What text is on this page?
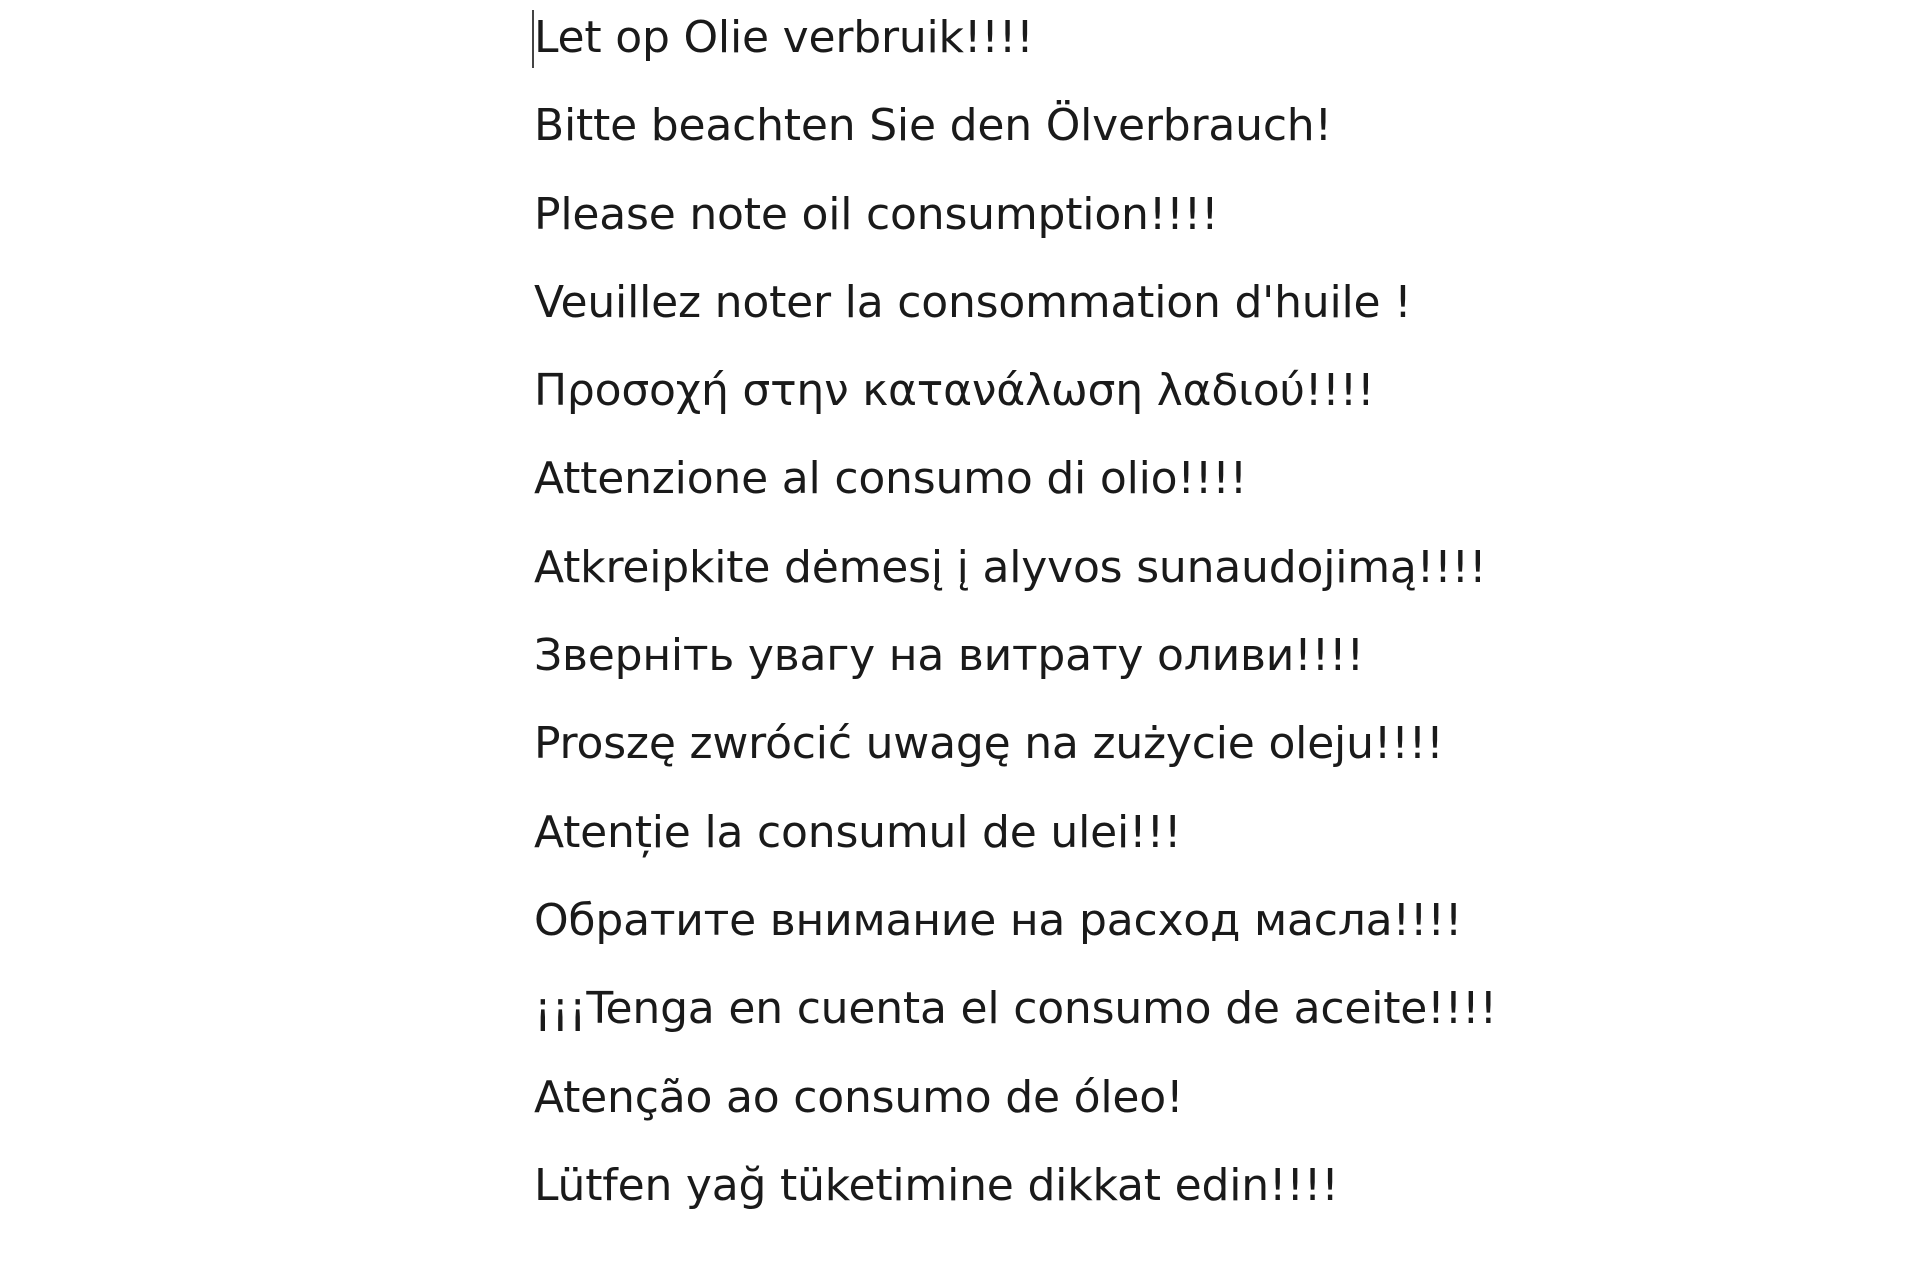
Let op Olie verbruik!!!!
Bitte beachten Sie den Ölverbrauch!
Please note oil consumption!!!!
Veuillez noter la consommation d'huile !
Προσοχή στην κατανάλωση λαδιού!!!!
Attenzione al consumo di olio!!!!
Atkreipkite dėmesį į alyvos sunaudojimą!!!!
Зверніть увагу на витрату оливи!!!!
Proszę zwrócić uwagę na zużycie oleju!!!!
Atenție la consumul de ulei!!!
Обратите внимание на расход масла!!!!
¡¡¡Tenga en cuenta el consumo de aceite!!!!
Atenção ao consumo de óleo!
Lütfen yağ tüketimine dikkat edin!!!!
